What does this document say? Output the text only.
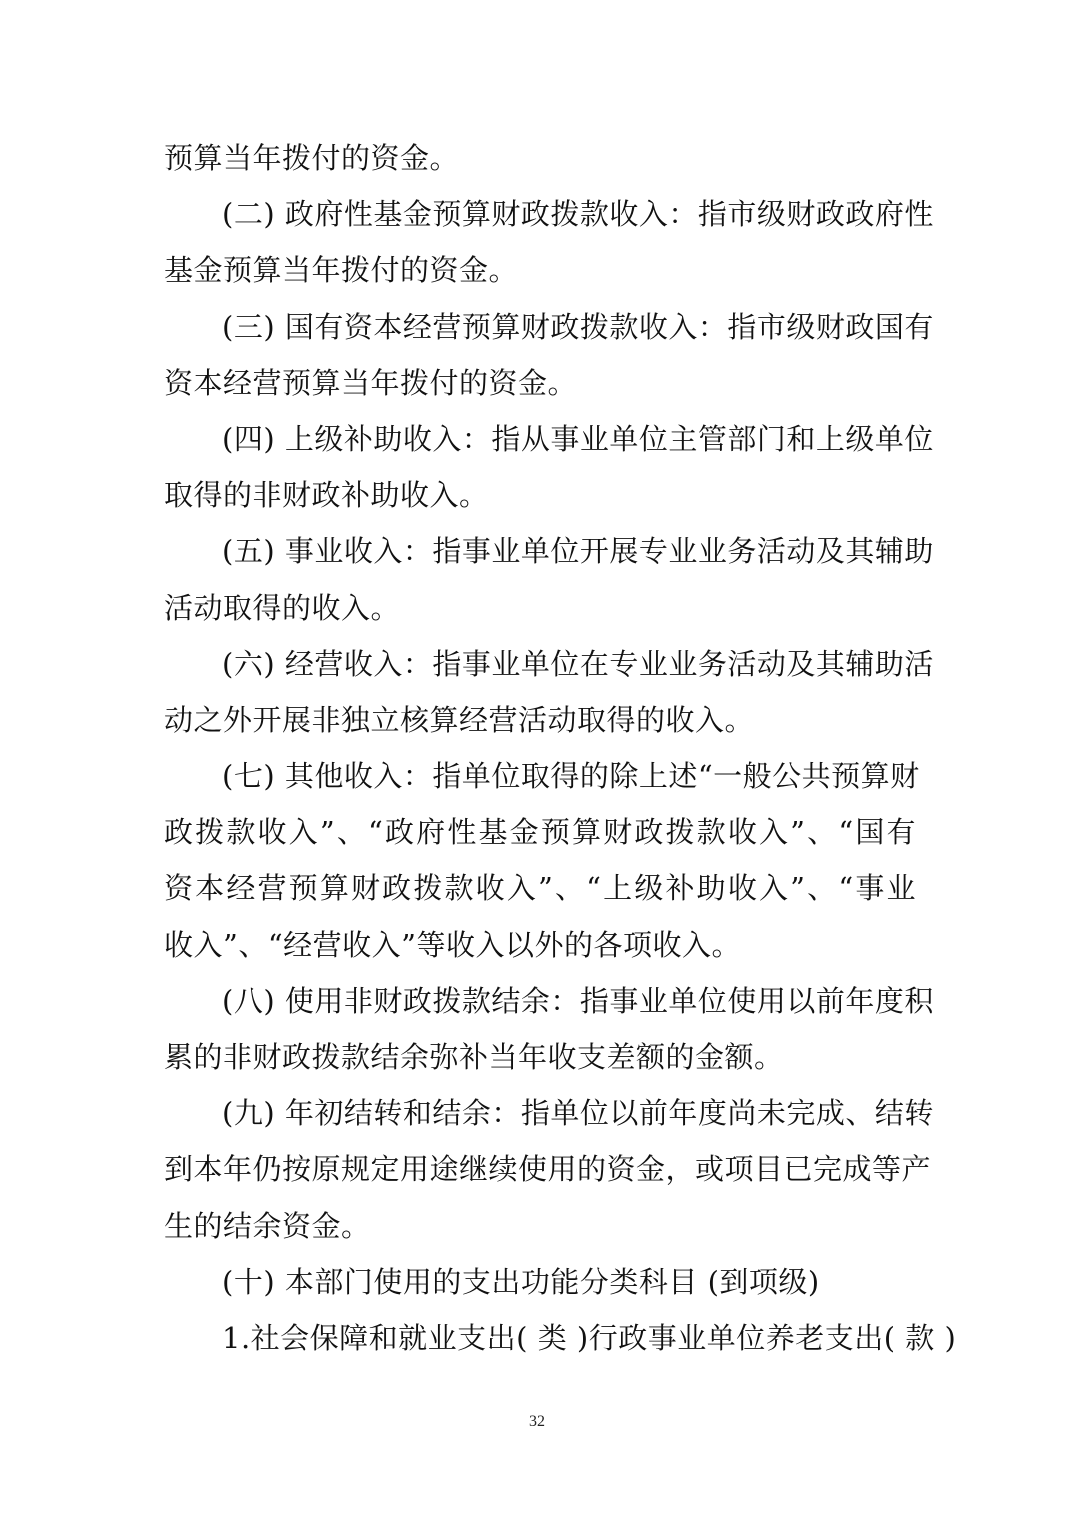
预算当年拨付的资金。
(二) 政府性基金预算财政拨款收入：指市级财政政府性
基金预算当年拨付的资金。
(三) 国有资本经营预算财政拨款收入：指市级财政国有
资本经营预算当年拨付的资金。
(四) 上级补助收入：指从事业单位主管部门和上级单位
取得的非财政补助收入。
(五) 事业收入：指事业单位开展专业业务活动及其辅助
活动取得的收入。
(六) 经营收入：指事业单位在专业业务活动及其辅助活
动之外开展非独立核算经营活动取得的收入。
(七) 其他收入：指单位取得的除上述“一般公共预算财
政拨款收入”、“政府性基金预算财政拨款收入”、“国有
资本经营预算财政拨款收入”、“上级补助收入”、“事业
收入”、“经营收入”等收入以外的各项收入。
(八) 使用非财政拨款结余：指事业单位使用以前年度积
累的非财政拨款结余弥补当年收支差额的金额。
(九) 年初结转和结余：指单位以前年度尚未完成、结转
到本年仍按原规定用途继续使用的资金，或项目已完成等产
生的结余资金。
(十) 本部门使用的支出功能分类科目 (到项级)
1.社会保障和就业支出( 类 )行政事业单位养老支出( 款 )
32
